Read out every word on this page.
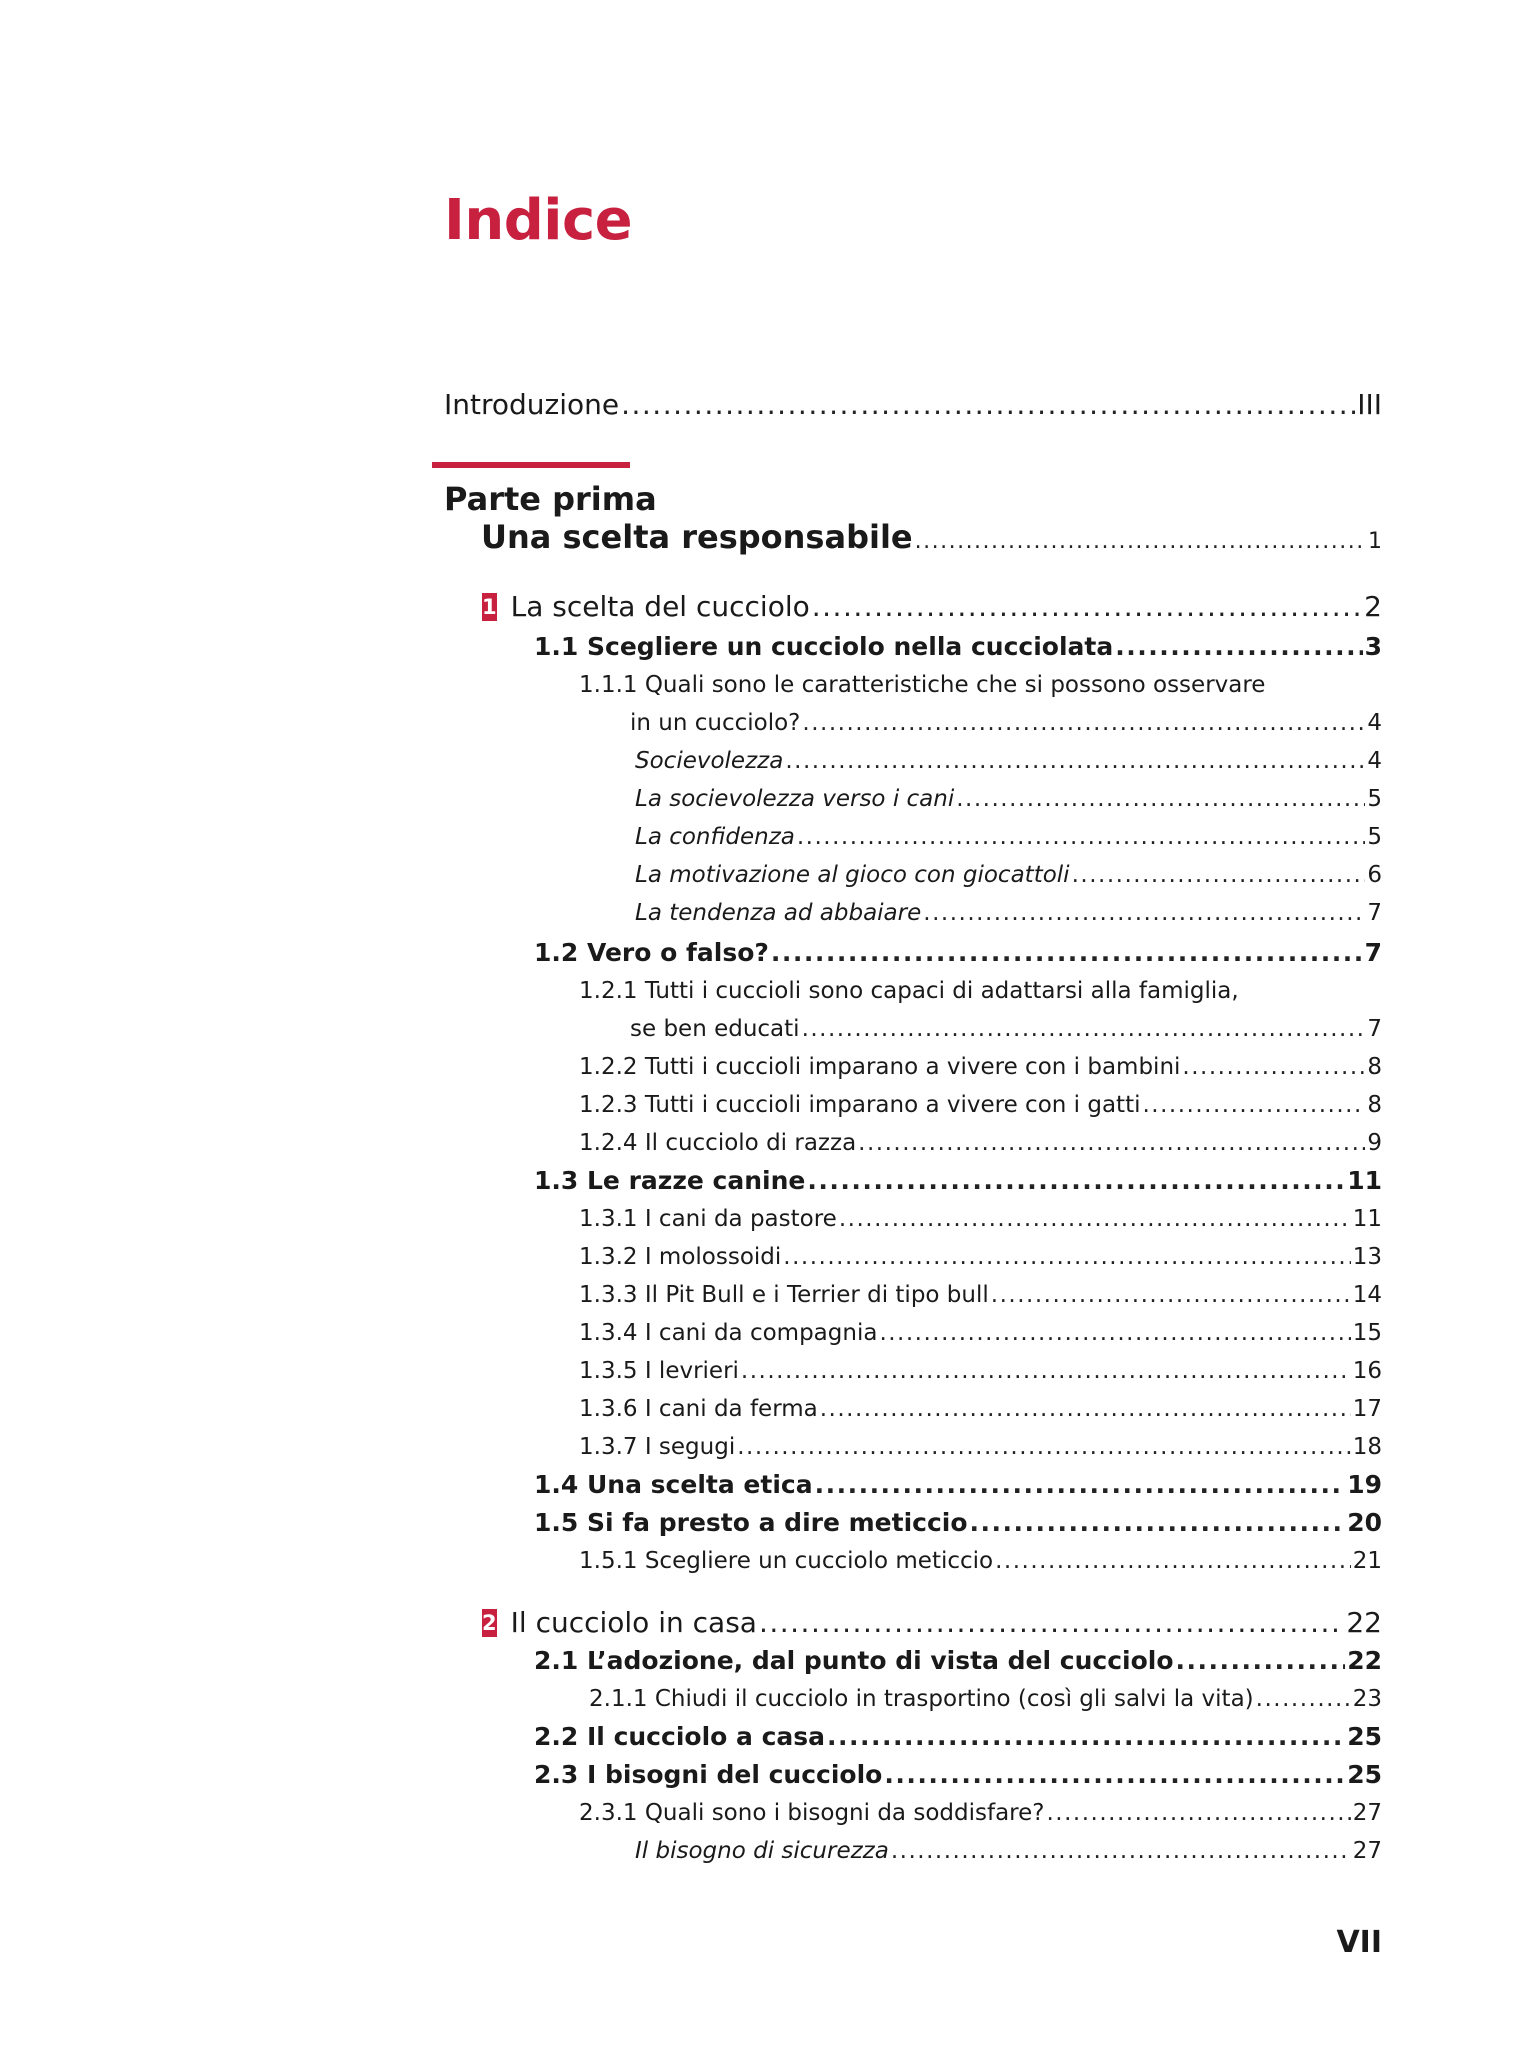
Indice
Introduzione .....	III
Parte prima
Una scelta responsabile .....	1
1 La scelta del cucciolo .....	2
1.1 Scegliere un cucciolo nella cucciolata .....	3
1.1.1 Quali sono le caratteristiche che si possono osservare
in un cucciolo? .....	4
Socievolezza .....	4
La socievolezza verso i cani .....	5
La confidenza .....	5
La motivazione al gioco con giocattoli .....	6
La tendenza ad abbaiare .....	7
1.2 Vero o falso? .....	7
1.2.1 Tutti i cuccioli sono capaci di adattarsi alla famiglia,
se ben educati .....	7
1.2.2 Tutti i cuccioli imparano a vivere con i bambini .....	8
1.2.3 Tutti i cuccioli imparano a vivere con i gatti .....	8
1.2.4 Il cucciolo di razza .....	9
1.3 Le razze canine .....	11
1.3.1 I cani da pastore .....	11
1.3.2 I molossoidi .....	13
1.3.3 Il Pit Bull e i Terrier di tipo bull .....	14
1.3.4 I cani da compagnia .....	15
1.3.5 I levrieri .....	16
1.3.6 I cani da ferma .....	17
1.3.7 I segugi .....	18
1.4 Una scelta etica .....	19
1.5 Si fa presto a dire meticcio .....	20
1.5.1 Scegliere un cucciolo meticcio .....	21
2 Il cucciolo in casa .....	22
2.1 L’adozione, dal punto di vista del cucciolo .....	22
2.1.1 Chiudi il cucciolo in trasportino (così gli salvi la vita) .....	23
2.2 Il cucciolo a casa .....	25
2.3 I bisogni del cucciolo .....	25
2.3.1 Quali sono i bisogni da soddisfare? .....	27
Il bisogno di sicurezza .....	27
VII
